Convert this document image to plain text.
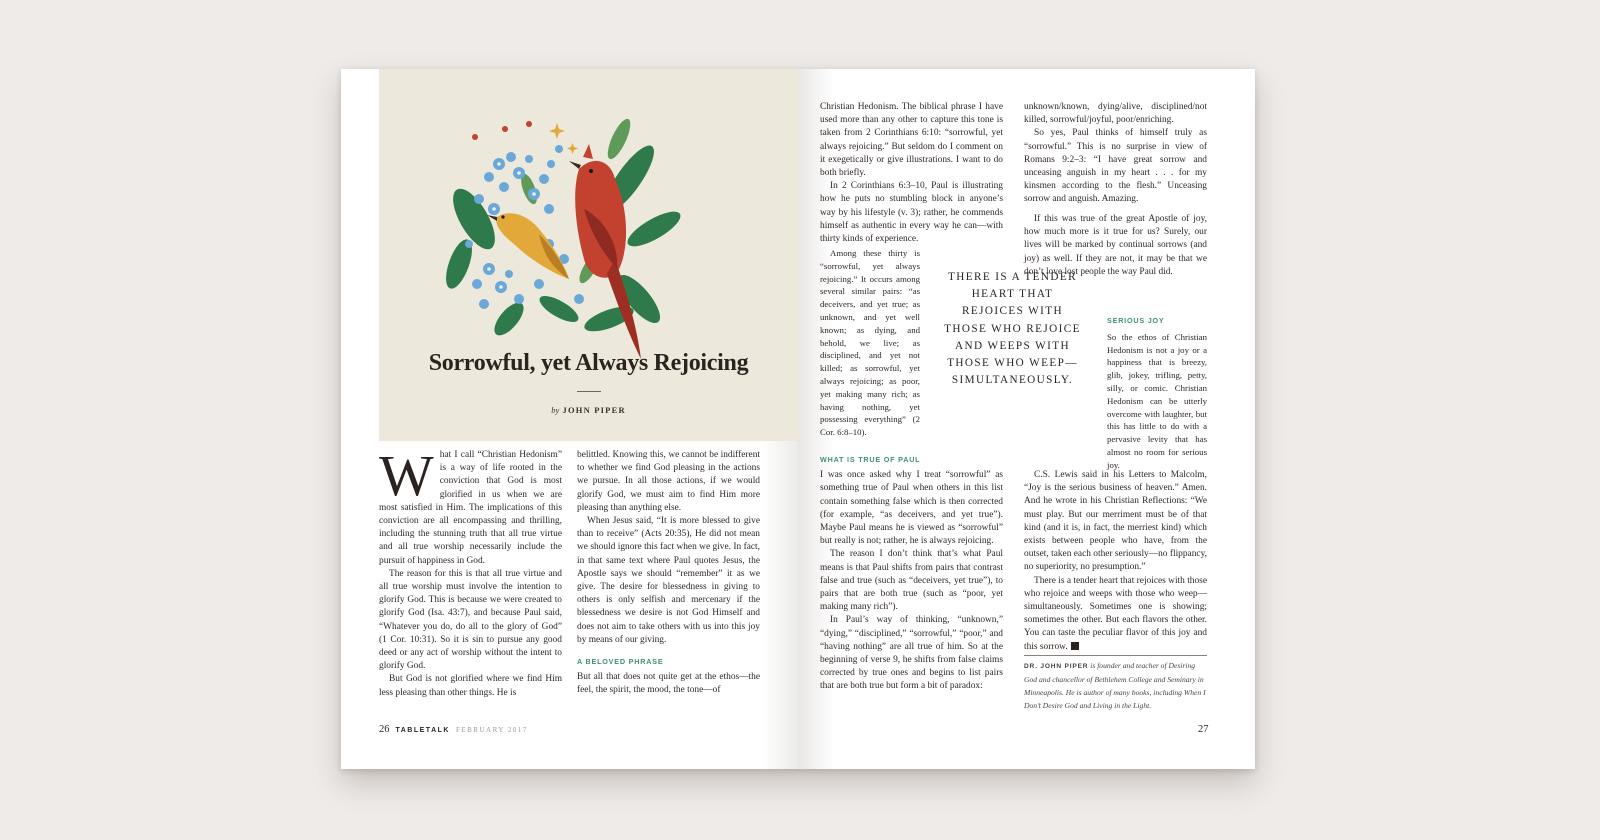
Sorrowful, yet Always Rejoicing
by JOHN PIPER

What I call “Christian Hedonism” is a way of life rooted in the conviction that God is most glorified in us when we are most satisfied in Him. The implications of this conviction are all encompassing and thrilling, including the stunning truth that all true virtue and all true worship necessarily include the pursuit of happiness in God.

The reason for this is that all true virtue and all true worship must involve the intention to glorify God. This is because we were created to glorify God (Isa. 43:7), and because Paul said, “Whatever you do, do all to the glory of God” (1 Cor. 10:31). So it is sin to pursue any good deed or any act of worship without the intent to glorify God.

But God is not glorified where we find Him less pleasing than other things. He is

belittled. Knowing this, we cannot be indifferent to whether we find God pleasing in the actions we pursue. In all those actions, if we would glorify God, we must aim to find Him more pleasing than anything else.

When Jesus said, “It is more blessed to give than to receive” (Acts 20:35), He did not mean we should ignore this fact when we give. In fact, in that same text where Paul quotes Jesus, the Apostle says we should “remember” it as we give. The desire for blessedness in giving to others is only selfish and mercenary if the blessedness we desire is not God Himself and does not aim to take others with us into this joy by means of our giving.

A BELOVED PHRASE

But all that does not quite get at the ethos—the feel, the spirit, the mood, the tone—of

26 TABLETALK FEBRUARY 2017

Christian Hedonism. The biblical phrase I have used more than any other to capture this tone is taken from 2 Corinthians 6:10: “sorrowful, yet always rejoicing.” But seldom do I comment on it exegetically or give illustrations. I want to do both briefly.

In 2 Corinthians 6:3–10, Paul is illustrating how he puts no stumbling block in anyone’s way by his lifestyle (v. 3); rather, he commends himself as authentic in every way he can—with thirty kinds of experience.

Among these thirty is “sorrowful, yet always rejoicing.” It occurs among several similar pairs: “as deceivers, and yet true; as unknown, and yet well known; as dying, and behold, we live; as disciplined, and yet not killed; as sorrowful, yet always rejoicing; as poor, yet making many rich; as having nothing, yet possessing everything” (2 Cor. 6:8–10).

WHAT IS TRUE OF PAUL

I was once asked why I treat “sorrowful” as something true of Paul when others in this list contain something false which is then corrected (for example, “as deceivers, and yet true”). Maybe Paul means he is viewed as “sorrowful” but really is not; rather, he is always rejoicing.

The reason I don’t think that’s what Paul means is that Paul shifts from pairs that contrast false and true (such as “deceivers, yet true”), to pairs that are both true (such as “poor, yet making many rich”).

In Paul’s way of thinking, “unknown,” “dying,” “disciplined,” “sorrowful,” “poor,” and “having nothing” are all true of him. So at the beginning of verse 9, he shifts from false claims corrected by true ones and begins to list pairs that are both true but form a bit of paradox:

THERE IS A TENDER HEART THAT REJOICES WITH THOSE WHO REJOICE AND WEEPS WITH THOSE WHO WEEP—SIMULTANEOUSLY.

unknown/known, dying/alive, disciplined/not killed, sorrowful/joyful, poor/enriching.

So yes, Paul thinks of himself truly as “sorrowful.” This is no surprise in view of Romans 9:2–3: “I have great sorrow and unceasing anguish in my heart . . . for my kinsmen according to the flesh.” Unceasing sorrow and anguish. Amazing.

If this was true of the great Apostle of joy, how much more is it true for us? Surely, our lives will be marked by continual sorrows (and joy) as well. If they are not, it may be that we don’t love lost people the way Paul did.

SERIOUS JOY

So the ethos of Christian Hedonism is not a joy or a happiness that is breezy, glib, jokey, trifling, petty, silly, or comic. Christian Hedonism can be utterly overcome with laughter, but this has little to do with a pervasive levity that has almost no room for serious joy.

C.S. Lewis said in his Letters to Malcolm, “Joy is the serious business of heaven.” Amen. And he wrote in his Christian Reflections: “We must play. But our merriment must be of that kind (and it is, in fact, the merriest kind) which exists between people who have, from the outset, taken each other seriously—no flippancy, no superiority, no presumption.”

There is a tender heart that rejoices with those who rejoice and weeps with those who weep—simultaneously. Sometimes one is showing; sometimes the other. But each flavors the other. You can taste the peculiar flavor of this joy and this sorrow.

DR. JOHN PIPER is founder and teacher of Desiring God and chancellor of Bethlehem College and Seminary in Minneapolis. He is author of many books, including When I Don’t Desire God and Living in the Light.
27
